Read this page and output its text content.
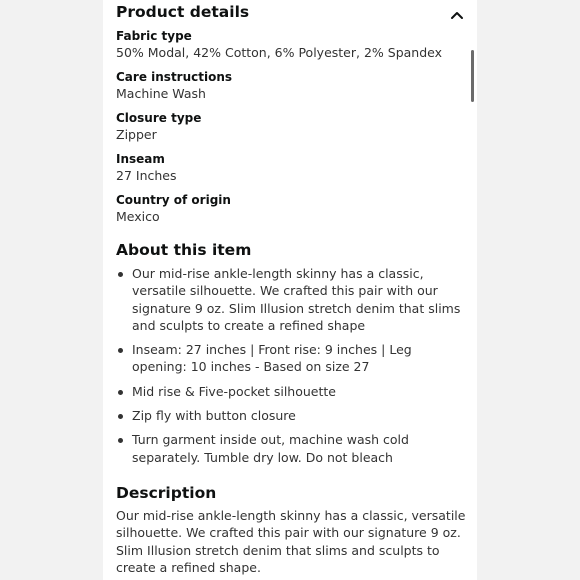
Product details
Fabric type
50% Modal, 42% Cotton, 6% Polyester, 2% Spandex
Care instructions
Machine Wash
Closure type
Zipper
Inseam
27 Inches
Country of origin
Mexico
About this item
Our mid-rise ankle-length skinny has a classic, versatile silhouette. We crafted this pair with our signature 9 oz. Slim Illusion stretch denim that slims and sculpts to create a refined shape
Inseam: 27 inches | Front rise: 9 inches | Leg opening: 10 inches - Based on size 27
Mid rise & Five-pocket silhouette
Zip fly with button closure
Turn garment inside out, machine wash cold separately. Tumble dry low. Do not bleach
Description

Our mid-rise ankle-length skinny has a classic, versatile silhouette. We crafted this pair with our signature 9 oz. Slim Illusion stretch denim that slims and sculpts to create a refined shape.
